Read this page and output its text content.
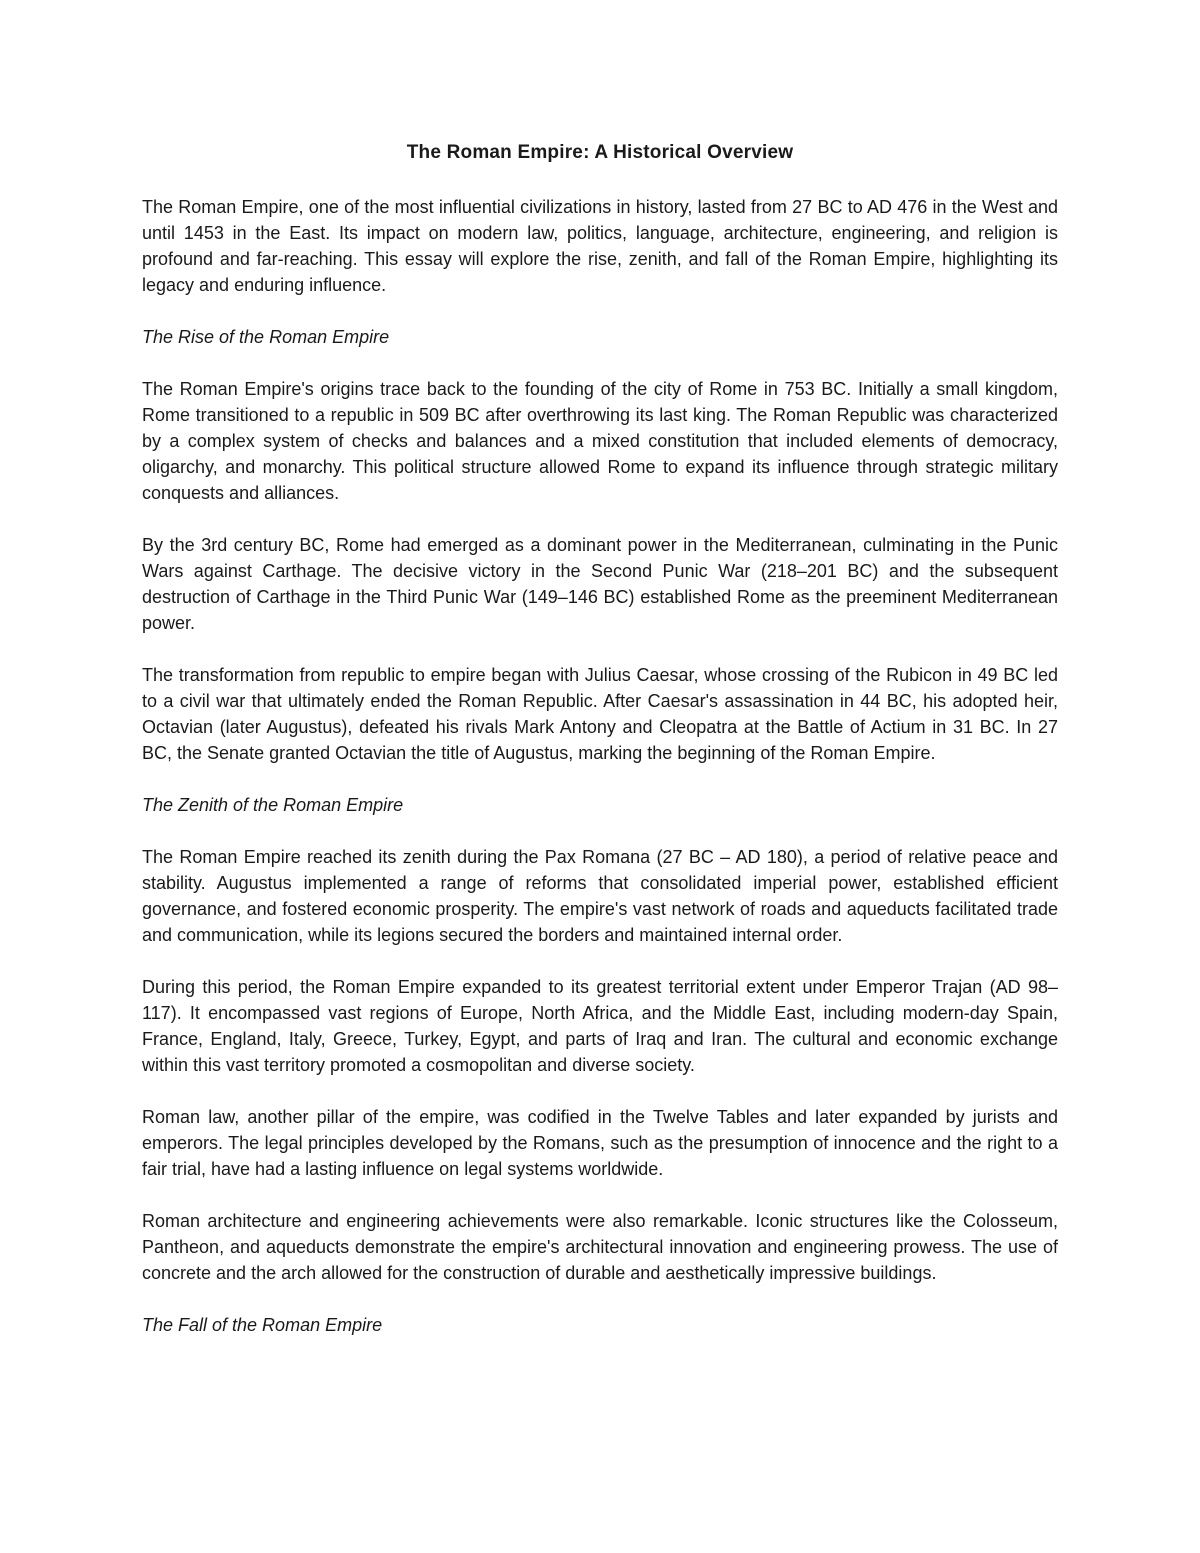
The Roman Empire: A Historical Overview

The Roman Empire, one of the most influential civilizations in history, lasted from 27 BC to AD 476 in the West and until 1453 in the East. Its impact on modern law, politics, language, architecture, engineering, and religion is profound and far-reaching. This essay will explore the rise, zenith, and fall of the Roman Empire, highlighting its legacy and enduring influence.

The Rise of the Roman Empire

The Roman Empire's origins trace back to the founding of the city of Rome in 753 BC. Initially a small kingdom, Rome transitioned to a republic in 509 BC after overthrowing its last king. The Roman Republic was characterized by a complex system of checks and balances and a mixed constitution that included elements of democracy, oligarchy, and monarchy. This political structure allowed Rome to expand its influence through strategic military conquests and alliances.

By the 3rd century BC, Rome had emerged as a dominant power in the Mediterranean, culminating in the Punic Wars against Carthage. The decisive victory in the Second Punic War (218–201 BC) and the subsequent destruction of Carthage in the Third Punic War (149–146 BC) established Rome as the preeminent Mediterranean power.

The transformation from republic to empire began with Julius Caesar, whose crossing of the Rubicon in 49 BC led to a civil war that ultimately ended the Roman Republic. After Caesar's assassination in 44 BC, his adopted heir, Octavian (later Augustus), defeated his rivals Mark Antony and Cleopatra at the Battle of Actium in 31 BC. In 27 BC, the Senate granted Octavian the title of Augustus, marking the beginning of the Roman Empire.

The Zenith of the Roman Empire

The Roman Empire reached its zenith during the Pax Romana (27 BC – AD 180), a period of relative peace and stability. Augustus implemented a range of reforms that consolidated imperial power, established efficient governance, and fostered economic prosperity. The empire's vast network of roads and aqueducts facilitated trade and communication, while its legions secured the borders and maintained internal order.

During this period, the Roman Empire expanded to its greatest territorial extent under Emperor Trajan (AD 98–117). It encompassed vast regions of Europe, North Africa, and the Middle East, including modern-day Spain, France, England, Italy, Greece, Turkey, Egypt, and parts of Iraq and Iran. The cultural and economic exchange within this vast territory promoted a cosmopolitan and diverse society.

Roman law, another pillar of the empire, was codified in the Twelve Tables and later expanded by jurists and emperors. The legal principles developed by the Romans, such as the presumption of innocence and the right to a fair trial, have had a lasting influence on legal systems worldwide.

Roman architecture and engineering achievements were also remarkable. Iconic structures like the Colosseum, Pantheon, and aqueducts demonstrate the empire's architectural innovation and engineering prowess. The use of concrete and the arch allowed for the construction of durable and aesthetically impressive buildings.

The Fall of the Roman Empire
